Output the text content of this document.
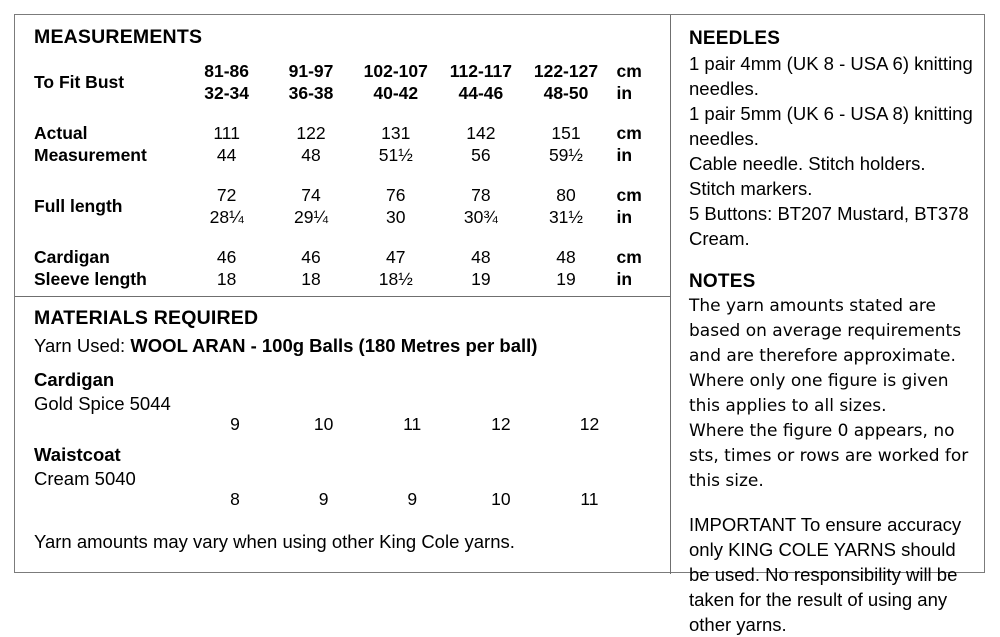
MEASUREMENTS
To Fit Bust	81-86	91-97	102-107	112-117	122-127	cm
	32-34	36-38	40-42	44-46	48-50	in

Actual	111	122	131	142	151	cm
Measurement	44	48	51½	56	59½	in

Full length	72	74	76	78	80	cm
	28¼	29¼	30	30¾	31½	in

Cardigan	46	46	47	48	48	cm
Sleeve length	18	18	18½	19	19	in
MATERIALS REQUIRED
Yarn Used: WOOL ARAN - 100g Balls (180 Metres per ball)
Cardigan
Gold Spice 5044
	9	10	11	12	12	
Waistcoat
Cream 5040
	8	9	9	10	11	
Yarn amounts may vary when using other King Cole yarns.
NEEDLES
1 pair 4mm (UK 8 - USA 6) knitting
needles.
1 pair 5mm (UK 6 - USA 8) knitting
needles.
Cable needle. Stitch holders.
Stitch markers.
5 Buttons: BT207 Mustard, BT378
Cream.
NOTES
The yarn amounts stated are
based on average requirements
and are therefore approximate.
Where only one figure is given
this applies to all sizes.
Where the figure 0 appears, no
sts, times or rows are worked for
this size.
IMPORTANT To ensure accuracy
only KING COLE YARNS should
be used. No responsibility will be
taken for the result of using any
other yarns.
